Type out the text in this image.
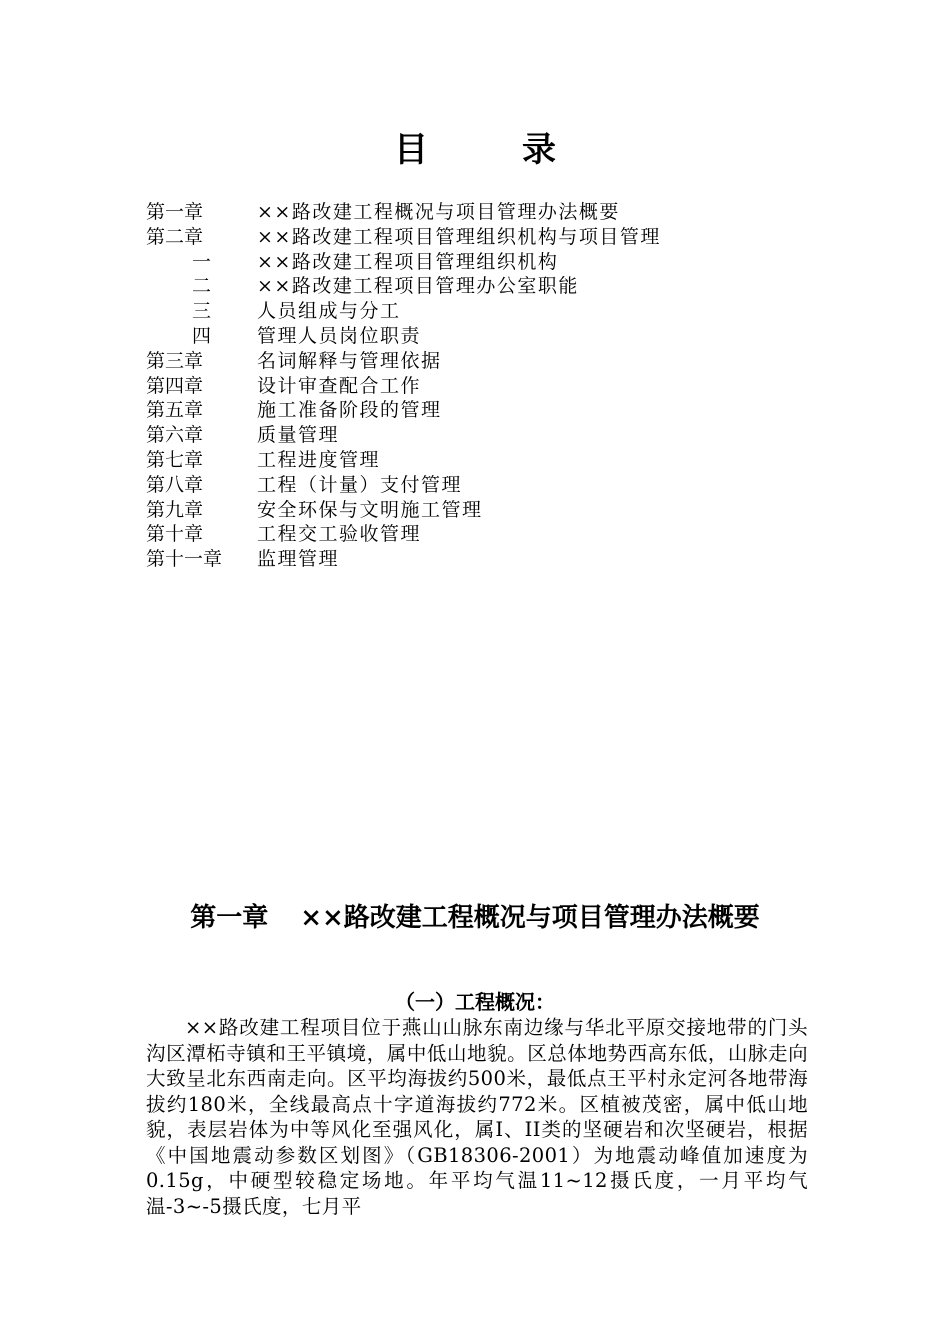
目　录
第一章	××路改建工程概况与项目管理办法概要
第二章	××路改建工程项目管理组织机构与项目管理
一	××路改建工程项目管理组织机构
二	××路改建工程项目管理办公室职能
三	人员组成与分工
四	管理人员岗位职责
第三章	名词解释与管理依据
第四章	设计审查配合工作
第五章	施工准备阶段的管理
第六章	质量管理
第七章	工程进度管理
第八章	工程（计量）支付管理
第九章	安全环保与文明施工管理
第十章	工程交工验收管理
第十一章	监理管理
第一章 ××路改建工程概况与项目管理办法概要
（一）工程概况：

××路改建工程项目位于燕山山脉东南边缘与华北平原交接地带的门头沟区潭柘寺镇和王平镇境，属中低山地貌。区总体地势西高东低，山脉走向大致呈北东西南走向。区平均海拔约500米，最低点王平村永定河各地带海拔约180米，全线最高点十字道海拔约772米。区植被茂密，属中低山地貌，表层岩体为中等风化至强风化，属I、II类的坚硬岩和次坚硬岩，根据《中国地震动参数区划图》（GB18306-2001）为地震动峰值加速度为0.15g，中硬型较稳定场地。年平均气温11~12摄氏度，一月平均气温-3~-5摄氏度，七月平
